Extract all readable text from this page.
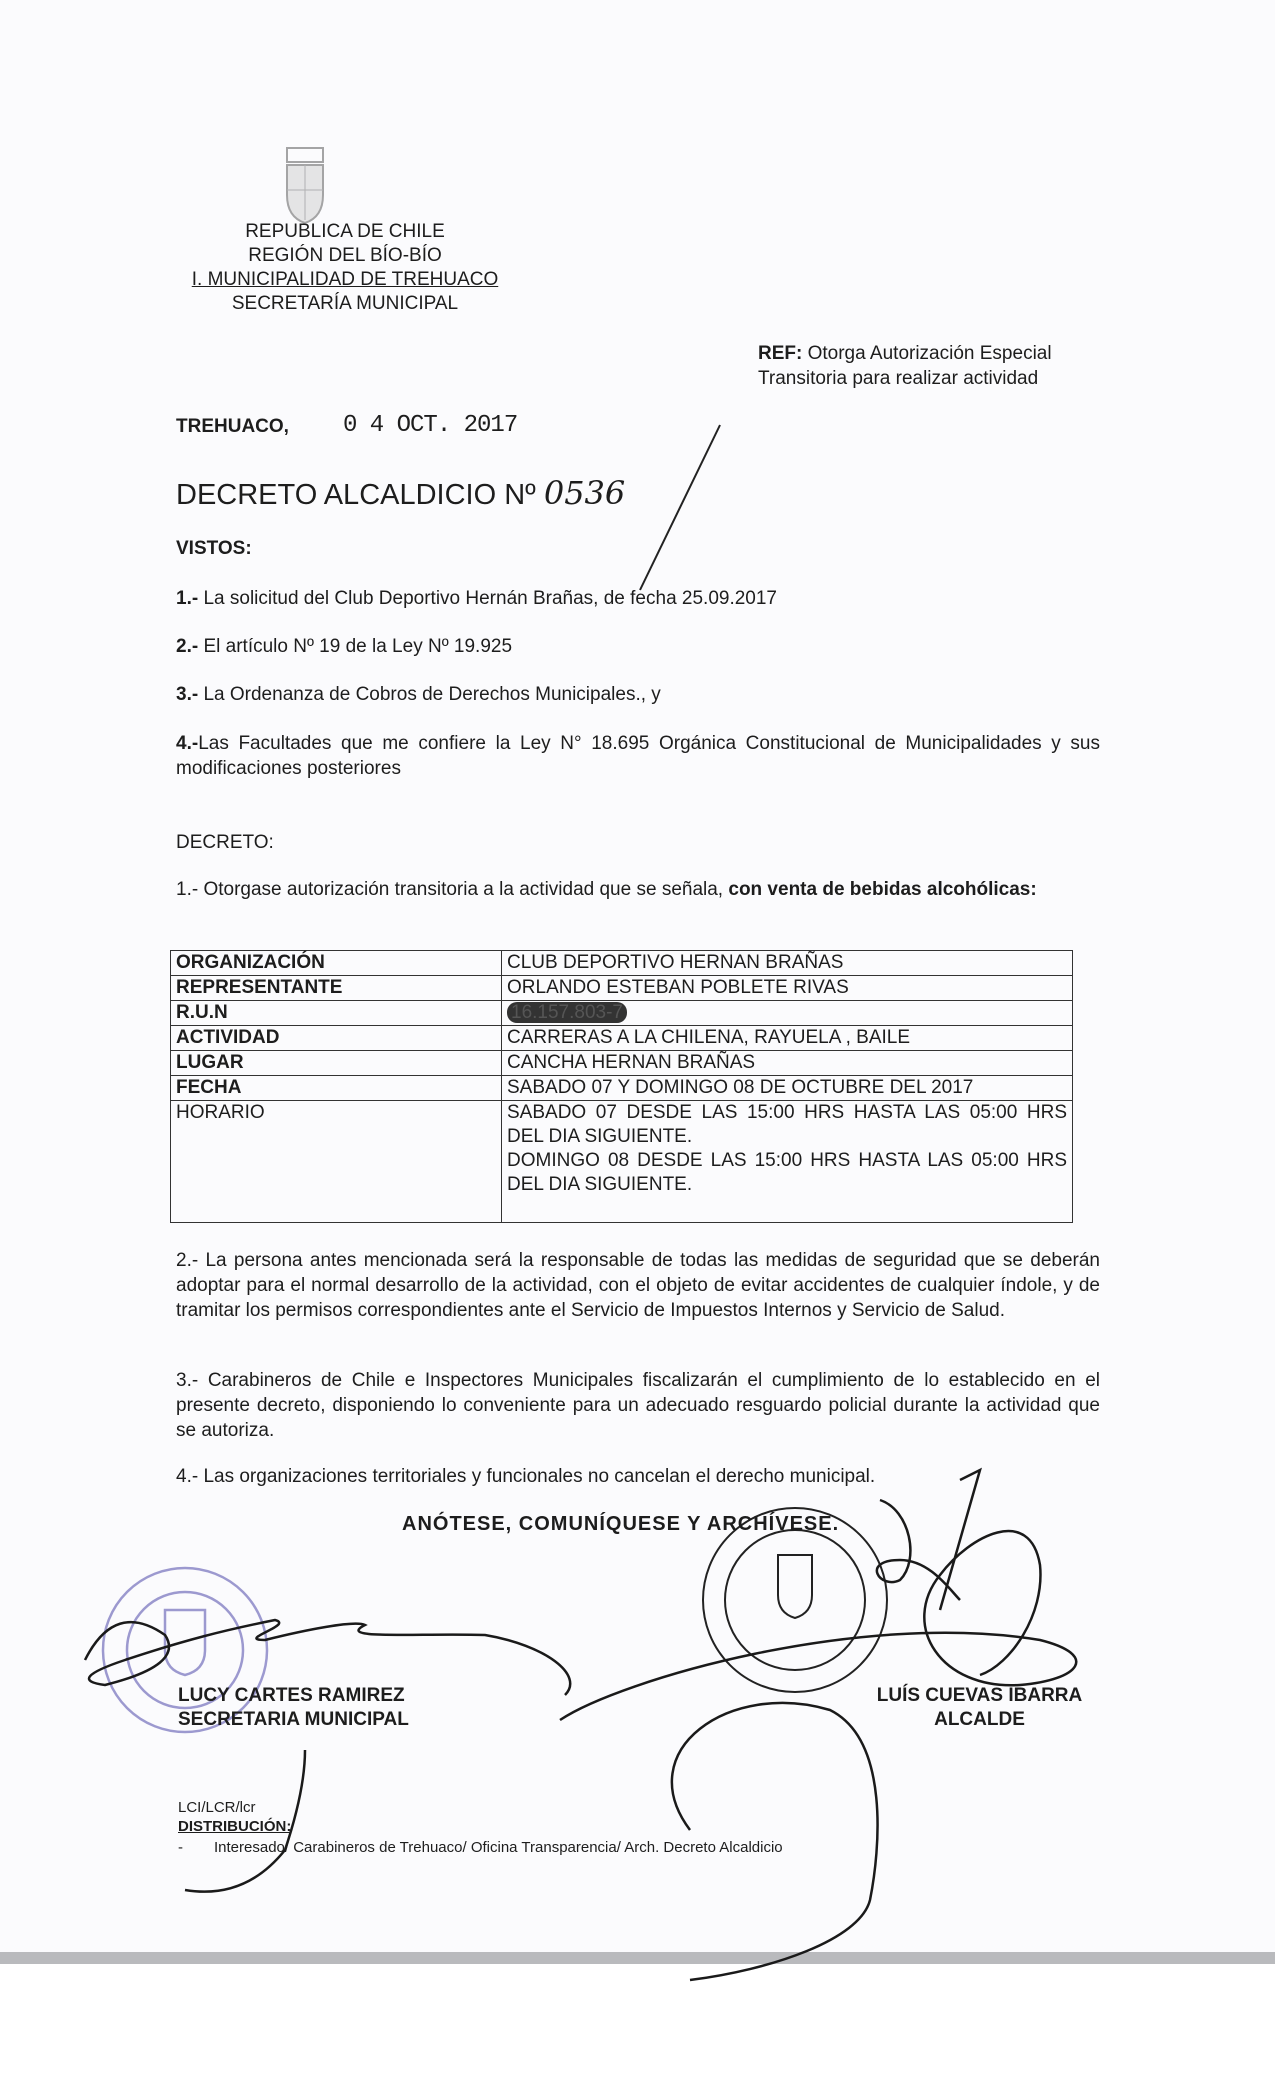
REPUBLICA DE CHILE
REGIÓN DEL BÍO-BÍO
I. MUNICIPALIDAD DE TREHUACO
SECRETARÍA MUNICIPAL
REF: Otorga Autorización Especial
Transitoria para realizar actividad
TREHUACO, 0 4 OCT. 2017
DECRETO ALCALDICIO Nº 0536
VISTOS:
1.- La solicitud del Club Deportivo Hernán Brañas, de fecha 25.09.2017
2.- El artículo Nº 19 de la Ley Nº 19.925
3.- La Ordenanza de Cobros de Derechos Municipales., y
4.-Las Facultades que me confiere la Ley N° 18.695 Orgánica Constitucional de Municipalidades y sus modificaciones posteriores
DECRETO:
1.- Otorgase autorización transitoria a la actividad que se señala, con venta de bebidas alcohólicas:
ORGANIZACIÓN	CLUB DEPORTIVO HERNAN BRAÑAS
REPRESENTANTE	ORLANDO ESTEBAN POBLETE RIVAS
R.U.N	16.157.803-7
ACTIVIDAD	CARRERAS A LA CHILENA, RAYUELA , BAILE
LUGAR	CANCHA HERNAN BRAÑAS
FECHA	SABADO 07 Y DOMINGO 08 DE OCTUBRE DEL 2017
HORARIO	SABADO 07 DESDE LAS 15:00 HRS HASTA LAS 05:00 HRS DEL DIA SIGUIENTE.
DOMINGO 08 DESDE LAS 15:00 HRS HASTA LAS 05:00 HRS DEL DIA SIGUIENTE.
2.- La persona antes mencionada será la responsable de todas las medidas de seguridad que se deberán adoptar para el normal desarrollo de la actividad, con el objeto de evitar accidentes de cualquier índole, y de tramitar los permisos correspondientes ante el Servicio de Impuestos Internos y Servicio de Salud.
3.- Carabineros de Chile e Inspectores Municipales fiscalizarán el cumplimiento de lo establecido en el presente decreto, disponiendo lo conveniente para un adecuado resguardo policial durante la actividad que se autoriza.
4.- Las organizaciones territoriales y funcionales no cancelan el derecho municipal.
ANÓTESE, COMUNÍQUESE Y ARCHÍVESE.
LUCY CARTES RAMIREZ
SECRETARIA MUNICIPAL
LUÍS CUEVAS IBARRA
ALCALDE
LCI/LCR/lcr
DISTRIBUCIÓN:
- Interesado/ Carabineros de Trehuaco/ Oficina Transparencia/ Arch. Decreto Alcaldicio
